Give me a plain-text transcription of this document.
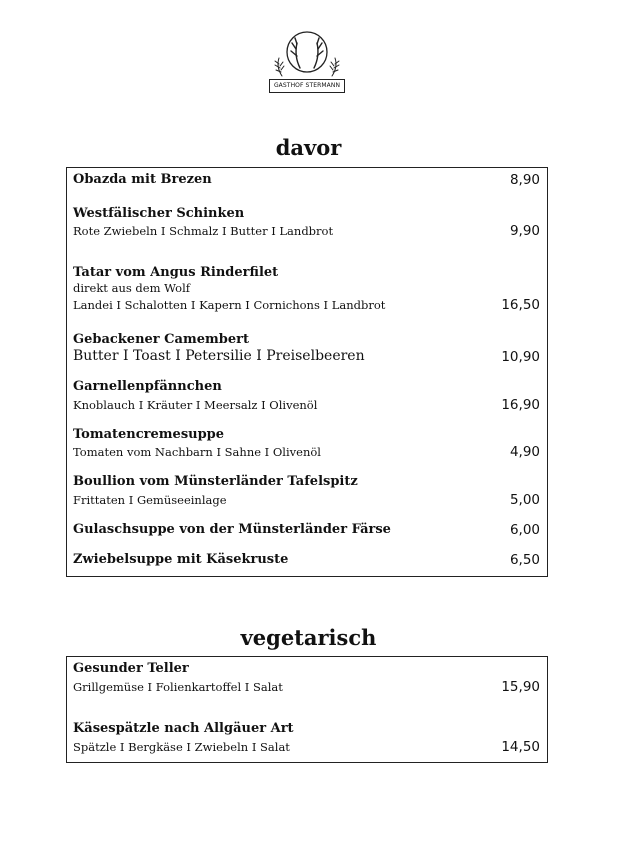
GASTHOF STERMANN
davor
Obazda mit Brezen	8,90
Westfälischer Schinken
Rote Zwiebeln I Schmalz I Butter I Landbrot	9,90
Tatar vom Angus Rinderfilet
direkt aus dem Wolf
Landei I Schalotten I Kapern I Cornichons I Landbrot	16,50
Gebackener Camembert
Butter I Toast I Petersilie I Preiselbeeren	10,90
Garnellenpfännchen
Knoblauch I Kräuter I Meersalz I Olivenöl	16,90
Tomatencremesuppe
Tomaten vom Nachbarn I Sahne I Olivenöl	4,90
Boullion vom Münsterländer Tafelspitz
Frittaten I Gemüseeinlage	5,00
Gulaschsuppe von der Münsterländer Färse	6,00
Zwiebelsuppe mit Käsekruste	6,50
vegetarisch
Gesunder Teller
Grillgemüse I Folienkartoffel I Salat	15,90
Käsespätzle nach Allgäuer Art
Spätzle I Bergkäse I Zwiebeln I Salat	14,50
